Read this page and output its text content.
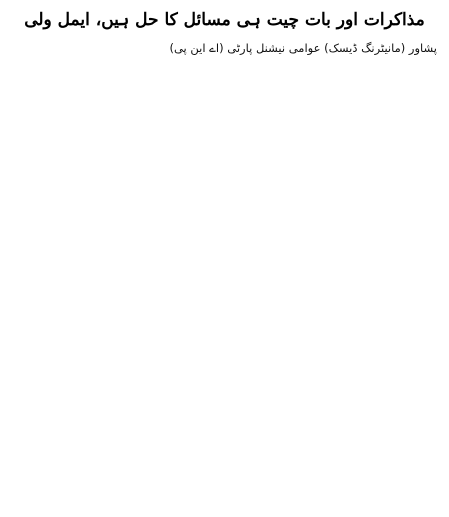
مذاکرات اور بات چیت ہی مسائل کا حل ہیں، ایمل ولی

پشاور (مانیٹرنگ ڈیسک) عوامی نیشنل پارٹی (اے این پی)
